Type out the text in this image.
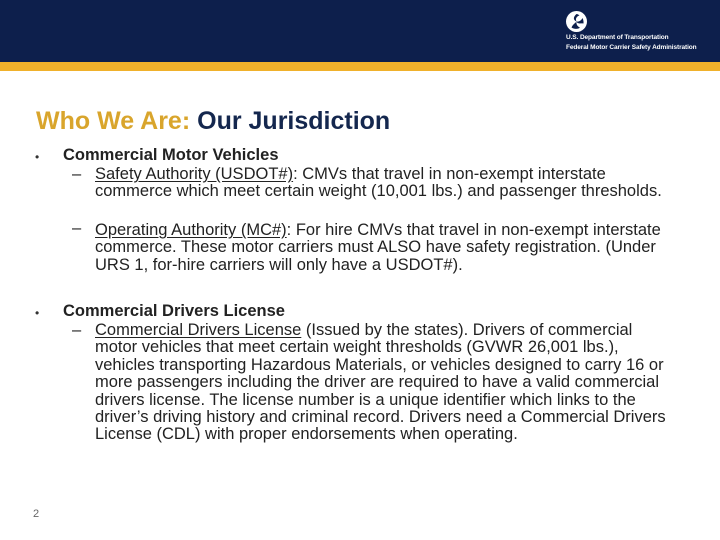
U.S. Department of Transportation
Federal Motor Carrier Safety Administration
Who We Are: Our Jurisdiction
• Commercial Motor Vehicles
– Safety Authority (USDOT#): CMVs that travel in non-exempt interstate commerce which meet certain weight (10,001 lbs.) and passenger thresholds.
– Operating Authority (MC#): For hire CMVs that travel in non-exempt interstate commerce. These motor carriers must ALSO have safety registration. (Under URS 1, for-hire carriers will only have a USDOT#).
• Commercial Drivers License
– Commercial Drivers License (Issued by the states). Drivers of commercial motor vehicles that meet certain weight thresholds (GVWR 26,001 lbs.), vehicles transporting Hazardous Materials, or vehicles designed to carry 16 or more passengers including the driver are required to have a valid commercial drivers license. The license number is a unique identifier which links to the driver’s driving history and criminal record. Drivers need a Commercial Drivers License (CDL) with proper endorsements when operating.
2
